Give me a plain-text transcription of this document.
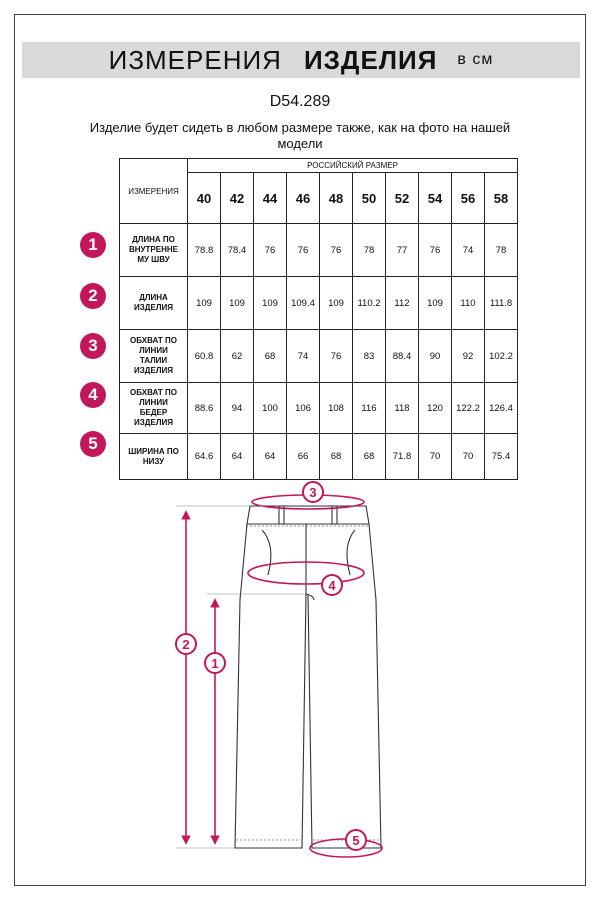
ИЗМЕРЕНИЯ ИЗДЕЛИЯ в см
D54.289
Изделие будет сидеть в любом размере также, как на фото на нашей
модели
ИЗМЕРЕНИЯ	РОССИЙСКИЙ РАЗМЕР									
	40	42	44	46	48	50	52	54	56	58

ДЛИНА ПО
ВНУТРЕННЕ
МУ ШВУ	78.8	78.4	76	76	76	78	77	76	74	78

ДЛИНА
ИЗДЕЛИЯ	109	109	109	109.4	109	110.2	112	109	110	111.8

ОБХВАТ ПО
ЛИНИИ
ТАЛИИ
ИЗДЕЛИЯ	60.8	62	68	74	76	83	88.4	90	92	102.2

ОБХВАТ ПО
ЛИНИИ
БЕДЕР
ИЗДЕЛИЯ	88.6	94	100	106	108	116	118	120	122.2	126.4

ШИРИНА ПО
НИЗУ	64.6	64	64	66	68	68	71.8	70	70	75.4
1
2
3
4
5
3
4
2
1
5
